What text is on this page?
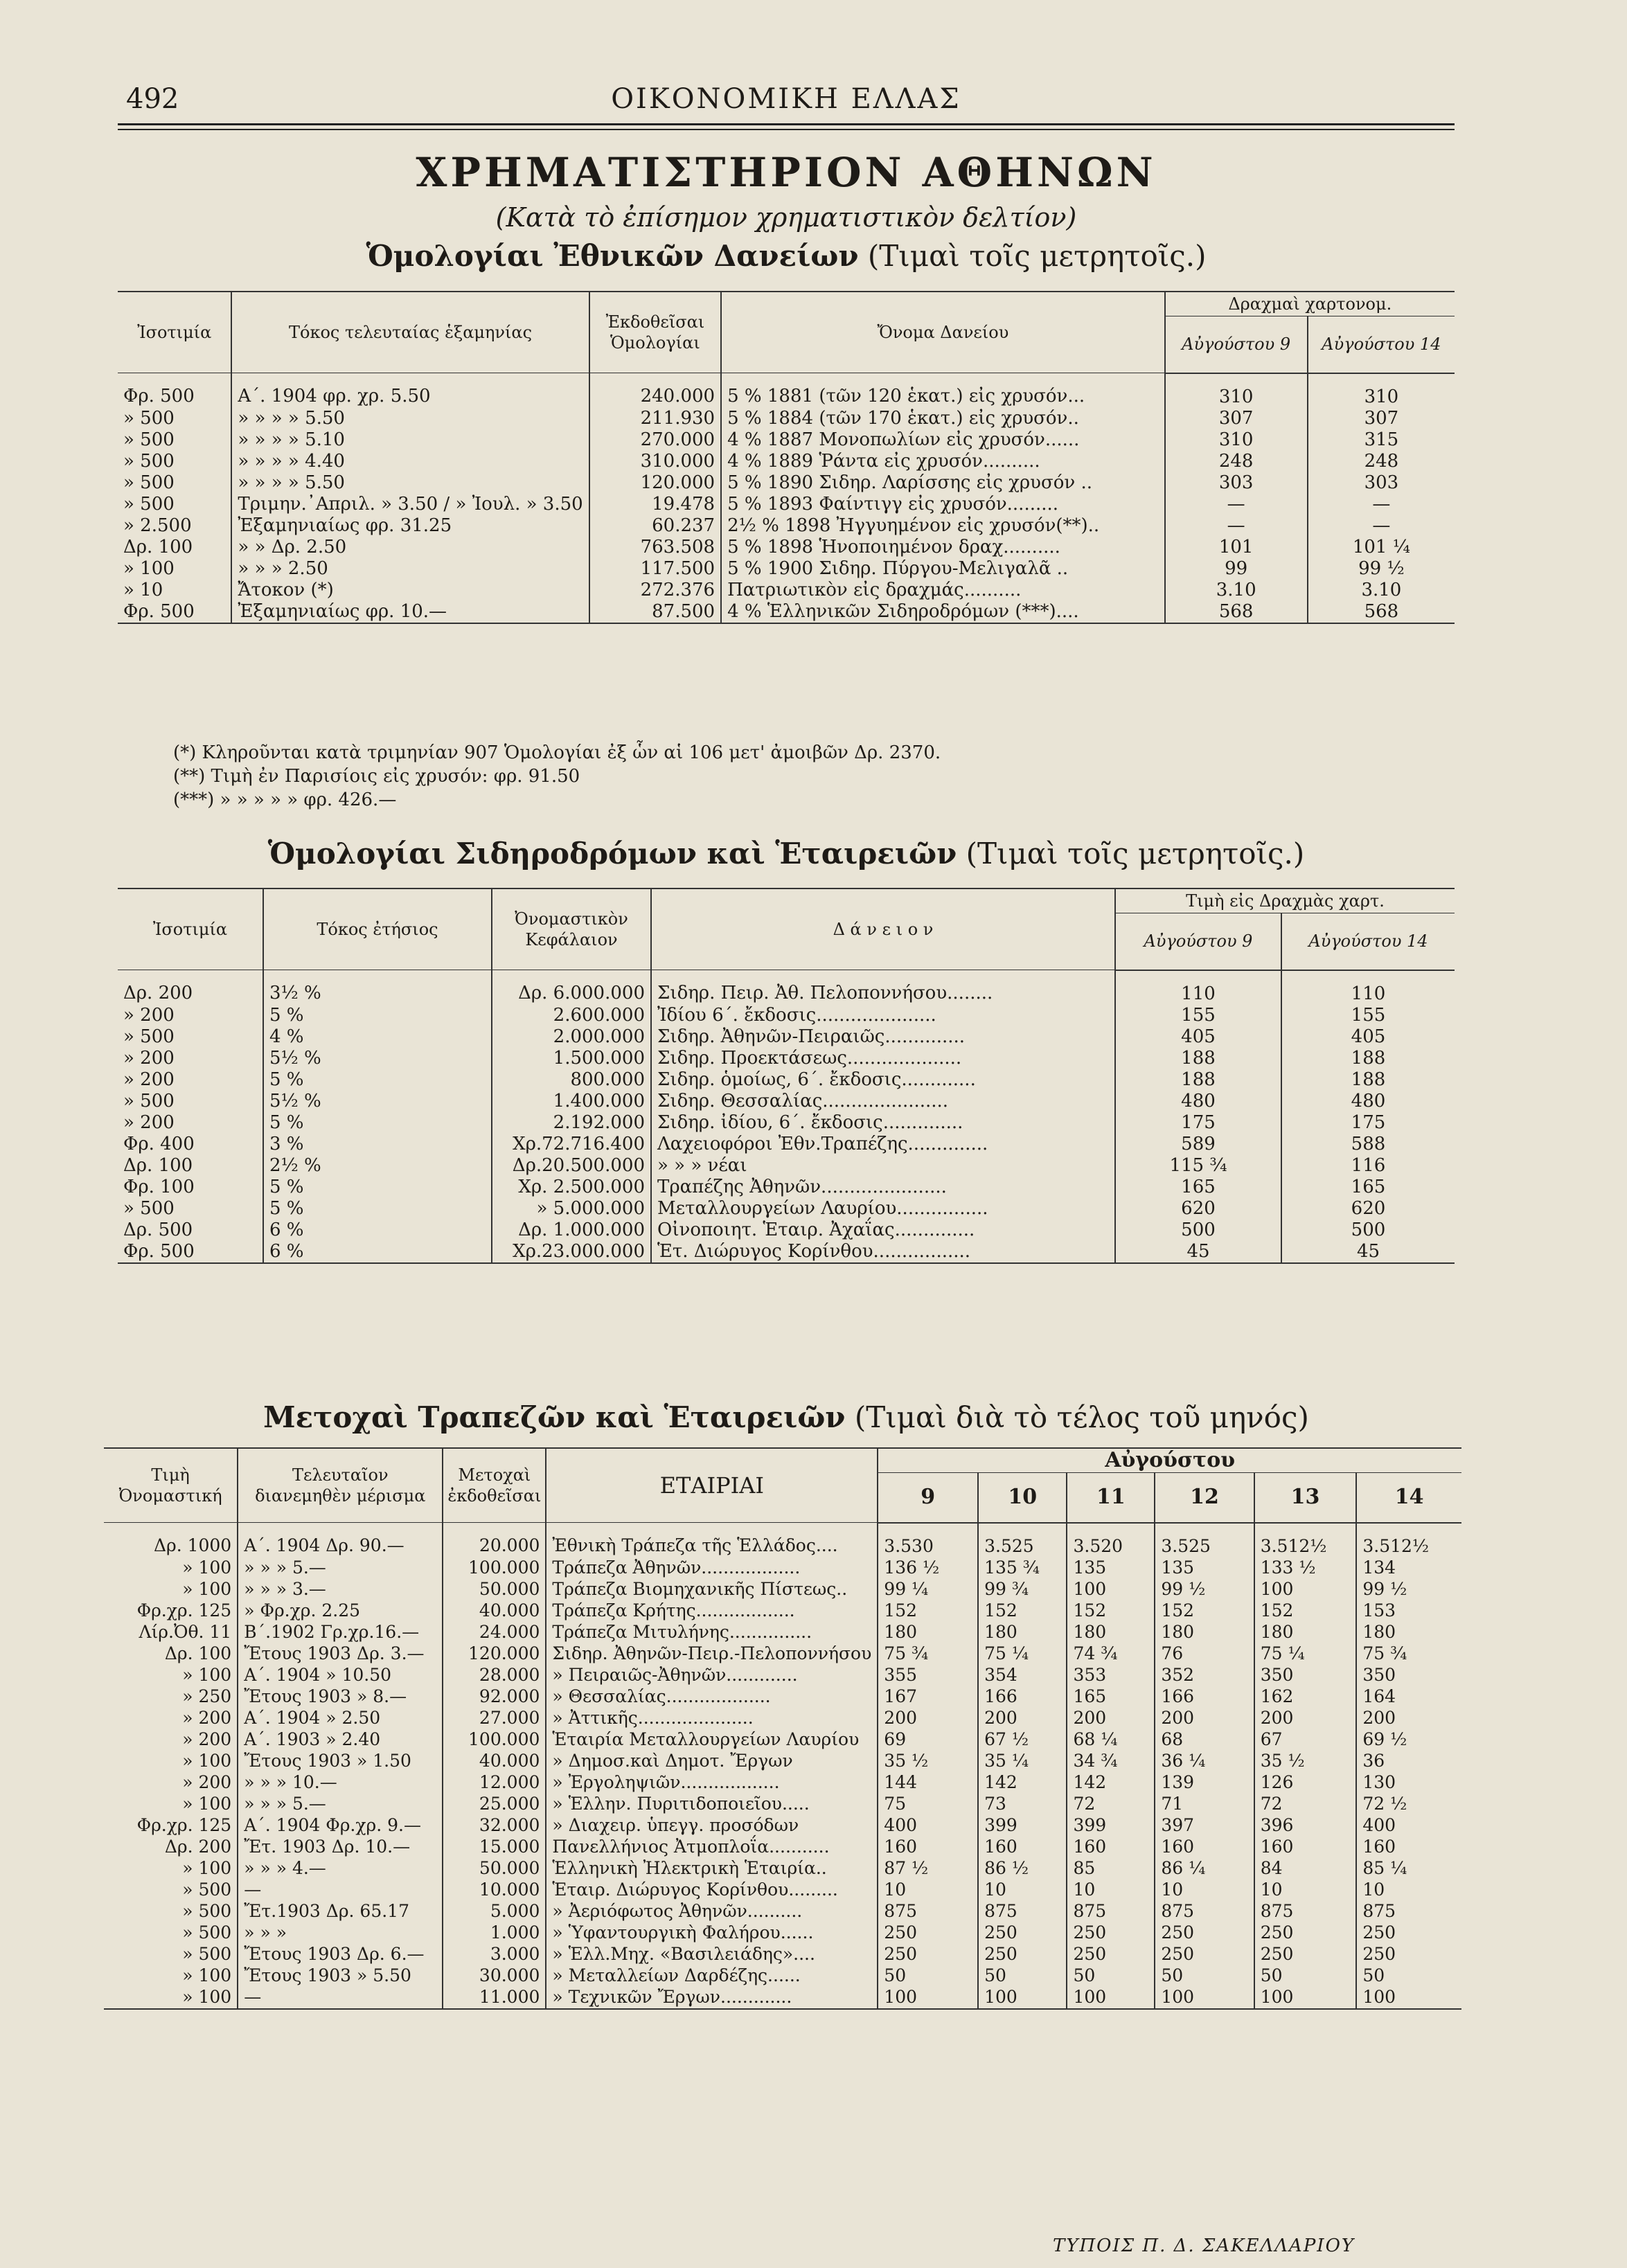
492	ΟΙΚΟΝΟΜΙΚΗ ΕΛΛΑΣ
ΧΡΗΜΑΤΙΣΤΗΡΙΟΝ ΑΘΗΝΩΝ
(Κατὰ τὸ ἐπίσημον χρηματιστικὸν δελτίον)
Ὁμολογίαι Ἐθνικῶν Δανείων (Τιμαὶ τοῖς μετρητοῖς.)
Ἰσοτιμία	Τόκος τελευταίας ἑξαμηνίας	Ἐκδοθεῖσαι Ὁμολογίαι	Ὄνομα Δανείου	Δραχμαὶ χαρτονομ.	
				Αὐγούστου 9	Αὐγούστου 14
Φρ. 500	Α΄. 1904 φρ. χρ. 5.50	240.000	5 % 1881 (τῶν 120 ἑκατ.) εἰς χρυσόν...	310	310
» 500	» » » » 5.50	211.930	5 % 1884 (τῶν 170 ἑκατ.) εἰς χρυσόν..	307	307
» 500	» » » » 5.10	270.000	4 % 1887 Μονοπωλίων εἰς χρυσόν......	310	315
» 500	» » » » 4.40	310.000	4 % 1889 Ῥάντα εἰς χρυσόν..........	248	248
» 500	» » » » 5.50	120.000	5 % 1890 Σιδηρ. Λαρίσσης εἰς χρυσόν ..	303	303
» 500	Τριμην.᾿Απριλ. » 3.50 / » Ἰουλ. » 3.50	19.478	5 % 1893 Φαίντιγγ εἰς χρυσόν.........	—	—
» 2.500	Ἐξαμηνιαίως φρ. 31.25	60.237	2½ % 1898 Ἠγγυημένον εἰς χρυσόν(**)..	—	—
Δρ. 100	» » Δρ. 2.50	763.508	5 % 1898 Ἡνοποιημένον δραχ..........	101	101 ¼
» 100	» » » 2.50	117.500	5 % 1900 Σιδηρ. Πύργου-Μελιγαλᾶ ..	99	99 ½
» 10	Ἄτοκον (*)	272.376	Πατριωτικὸν εἰς δραχμάς..........	3.10	3.10
Φρ. 500	Ἐξαμηνιαίως φρ. 10.—	87.500	4 % Ἑλληνικῶν Σιδηροδρόμων (***)....	568	568
(*) Κληροῦνται κατὰ τριμηνίαν 907 Ὁμολογίαι ἐξ ὧν αἱ 106 μετ' ἀμοιβῶν Δρ. 2370.
(**) Τιμὴ ἐν Παρισίοις εἰς χρυσόν: φρ. 91.50
(***) » » » » » φρ. 426.—
Ὁμολογίαι Σιδηροδρόμων καὶ Ἑταιρειῶν (Τιμαὶ τοῖς μετρητοῖς.)
Ἰσοτιμία	Τόκος ἐτήσιος	Ὀνομαστικὸν Κεφάλαιον	Δ ά ν ε ι ο ν	Τιμὴ εἰς Δραχμὰς χαρτ.	
				Αὐγούστου 9	Αὐγούστου 14
Δρ. 200	3½ %	Δρ. 6.000.000	Σιδηρ. Πειρ. Ἀθ. Πελοποννήσου........	110	110
» 200	5 %	2.600.000	Ἰδίου 6΄. ἔκδοσις.....................	155	155
» 500	4 %	2.000.000	Σιδηρ. Ἀθηνῶν-Πειραιῶς..............	405	405
» 200	5½ %	1.500.000	Σιδηρ. Προεκτάσεως....................	188	188
» 200	5 %	800.000	Σιδηρ. ὁμοίως, 6΄. ἔκδοσις.............	188	188
» 500	5½ %	1.400.000	Σιδηρ. Θεσσαλίας......................	480	480
» 200	5 %	2.192.000	Σιδηρ. ἰδίου, 6΄. ἔκδοσις..............	175	175
Φρ. 400	3 %	Χρ.72.716.400	Λαχειοφόροι Ἐθν.Τραπέζης..............	589	588
Δρ. 100	2½ %	Δρ.20.500.000	» » » νέαι	115 ¾	116
Φρ. 100	5 %	Χρ. 2.500.000	Τραπέζης Ἀθηνῶν......................	165	165
» 500	5 %	» 5.000.000	Μεταλλουργείων Λαυρίου................	620	620
Δρ. 500	6 %	Δρ. 1.000.000	Οἰνοποιητ. Ἑταιρ. Ἀχαΐας..............	500	500
Φρ. 500	6 %	Χρ.23.000.000	Ἑτ. Διώρυγος Κορίνθου.................	45	45
Μετοχαὶ Τραπεζῶν καὶ Ἑταιρειῶν (Τιμαὶ διὰ τὸ τέλος τοῦ μηνός)
Τιμὴ Ὀνομαστική	Τελευταῖον διανεμηθὲν μέρισμα	Μετοχαὶ ἐκδοθεῖσαι	ΕΤΑΙΡΙΑΙ	Αὐγούστου					
				9	10	11	12	13	14
Δρ. 1000	Α΄. 1904 Δρ. 90.—	20.000	Ἐθνικὴ Τράπεζα τῆς Ἑλλάδος....	3.530	3.525	3.520	3.525	3.512½	3.512½
» 100	» » » 5.—	100.000	Τράπεζα Ἀθηνῶν..................	136 ½	135 ¾	135	135	133 ½	134
» 100	» » » 3.—	50.000	Τράπεζα Βιομηχανικῆς Πίστεως..	99 ¼	99 ¾	100	99 ½	100	99 ½
Φρ.χρ. 125	» Φρ.χρ. 2.25	40.000	Τράπεζα Κρήτης..................	152	152	152	152	152	153
Λίρ.Ὀθ. 11	Β΄.1902 Γρ.χρ.16.—	24.000	Τράπεζα Μιτυλήνης...............	180	180	180	180	180	180
Δρ. 100	Ἔτους 1903 Δρ. 3.—	120.000	Σιδηρ. Ἀθηνῶν-Πειρ.-Πελοποννήσου	75 ¾	75 ¼	74 ¾	76	75 ¼	75 ¾
» 100	Α΄. 1904 » 10.50	28.000	» Πειραιῶς-Ἀθηνῶν.............	355	354	353	352	350	350
» 250	Ἔτους 1903 » 8.—	92.000	» Θεσσαλίας...................	167	166	165	166	162	164
» 200	Α΄. 1904 » 2.50	27.000	» Ἀττικῆς.....................	200	200	200	200	200	200
» 200	Α΄. 1903 » 2.40	100.000	Ἑταιρία Μεταλλουργείων Λαυρίου	69	67 ½	68 ¼	68	67	69 ½
» 100	Ἔτους 1903 » 1.50	40.000	» Δημοσ.καὶ Δημοτ. Ἔργων	35 ½	35 ¼	34 ¾	36 ¼	35 ½	36
» 200	» » » 10.—	12.000	» Ἐργοληψιῶν..................	144	142	142	139	126	130
» 100	» » » 5.—	25.000	» Ἑλλην. Πυριτιδοποιεῖου.....	75	73	72	71	72	72 ½
Φρ.χρ. 125	Α΄. 1904 Φρ.χρ. 9.—	32.000	» Διαχειρ. ὑπεγγ. προσόδων	400	399	399	397	396	400
Δρ. 200	Ἔτ. 1903 Δρ. 10.—	15.000	Πανελλήνιος Ἀτμοπλοΐα...........	160	160	160	160	160	160
» 100	» » » 4.—	50.000	Ἑλληνικὴ Ἠλεκτρικὴ Ἑταιρία..	87 ½	86 ½	85	86 ¼	84	85 ¼
» 500	—	10.000	Ἑταιρ. Διώρυγος Κορίνθου.........	10	10	10	10	10	10
» 500	Ἔτ.1903 Δρ. 65.17	5.000	» Ἀεριόφωτος Ἀθηνῶν..........	875	875	875	875	875	875
» 500	» » »	1.000	» Ὑφαντουργικὴ Φαλήρου......	250	250	250	250	250	250
» 500	Ἔτους 1903 Δρ. 6.—	3.000	» Ἑλλ.Μηχ. «Βασιλειάδης»....	250	250	250	250	250	250
» 100	Ἔτους 1903 » 5.50	30.000	» Μεταλλείων Δαρδέζης......	50	50	50	50	50	50
» 100	—	11.000	» Τεχνικῶν Ἔργων.............	100	100	100	100	100	100
ΤΥΠΟΙΣ Π. Δ. ΣΑΚΕΛΛΑΡΙΟΥ
